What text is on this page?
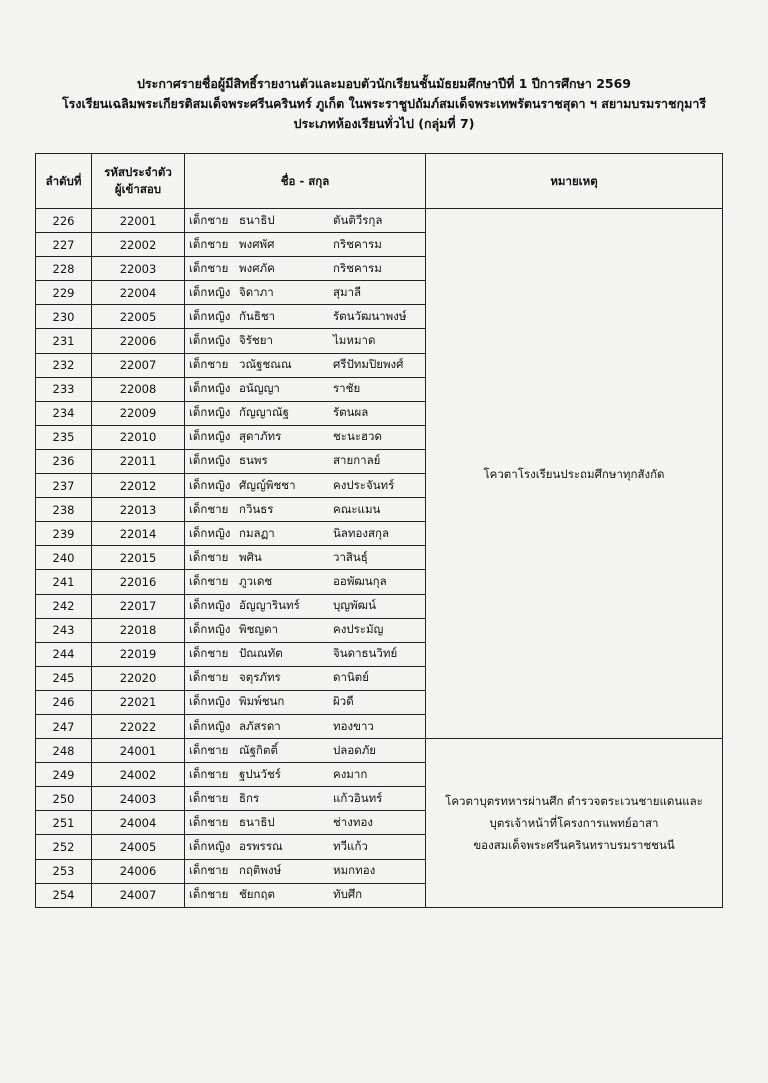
ประกาศรายชื่อผู้มีสิทธิ์รายงานตัวและมอบตัวนักเรียนชั้นมัธยมศึกษาปีที่ 1 ปีการศึกษา 2569
โรงเรียนเฉลิมพระเกียรติสมเด็จพระศรีนครินทร์ ภูเก็ต ในพระราชูปถัมภ์สมเด็จพระเทพรัตนราชสุดา ฯ สยามบรมราชกุมารี
ประเภทห้องเรียนทั่วไป (กลุ่มที่ 7)
ลำดับที่	รหัสประจำตัว
ผู้เข้าสอบ	ชื่อ - สกุล	หมายเหตุ
226	22001	เด็กชาย ธนาธิป ตันติวีรกุล	โควตาโรงเรียนประถมศึกษาทุกสังกัด

227	22002	เด็กชาย พงศพัศ กริชคารม	
228	22003	เด็กชาย พงศภัค กริชคารม	
229	22004	เด็กหญิง จิดาภา สุมาลี	
230	22005	เด็กหญิง กันธิชา รัตนวัฒนาพงษ์	
231	22006	เด็กหญิง จิรัชยา ไมหมาด	
232	22007	เด็กชาย วณัฐชณณ ศรีปัทมปิยพงศ์	
233	22008	เด็กหญิง อนัญญา ราชัย	
234	22009	เด็กหญิง กัญญาณัฐ รัตนผล	
235	22010	เด็กหญิง สุดาภัทร ชะนะฮวด	
236	22011	เด็กหญิง ธนพร สายกาลย์	
237	22012	เด็กหญิง ศัญญ์พิชชา คงประจันทร์	
238	22013	เด็กชาย กวินธร คณะแมน	
239	22014	เด็กหญิง กมลฏา นิลทองสกุล	
240	22015	เด็กชาย พศิน วาสินธุ์	
241	22016	เด็กชาย ภูวเดช ออพัฒนกุล	
242	22017	เด็กหญิง อัญญารินทร์ บุญพัฒน์	
243	22018	เด็กหญิง พิชญดา คงประมัญ	
244	22019	เด็กชาย ปัณณทัต จินดาธนวิทย์	
245	22020	เด็กชาย จตุรภัทร ดานิตย์	
246	22021	เด็กหญิง พิมพ์ชนก ผิวดี	
247	22022	เด็กหญิง ลภัสรดา ทองขาว	
248	24001	เด็กชาย ณัฐกิตติ์ ปลอดภัย	โควตาบุตรทหารผ่านศึก ตำรวจตระเวนชายแดนและ
บุตรเจ้าหน้าที่โครงการแพทย์อาสา
ของสมเด็จพระศรีนครินทราบรมราชชนนี

249	24002	เด็กชาย ฐปนวัชร์ คงมาก	
250	24003	เด็กชาย ธิกร แก้วอินทร์	
251	24004	เด็กชาย ธนาธิป ช่างทอง	
252	24005	เด็กหญิง อรพรรณ ทวีแก้ว	
253	24006	เด็กชาย กฤติพงษ์ หมกทอง	
254	24007	เด็กชาย ชัยกฤต ทับศึก	
